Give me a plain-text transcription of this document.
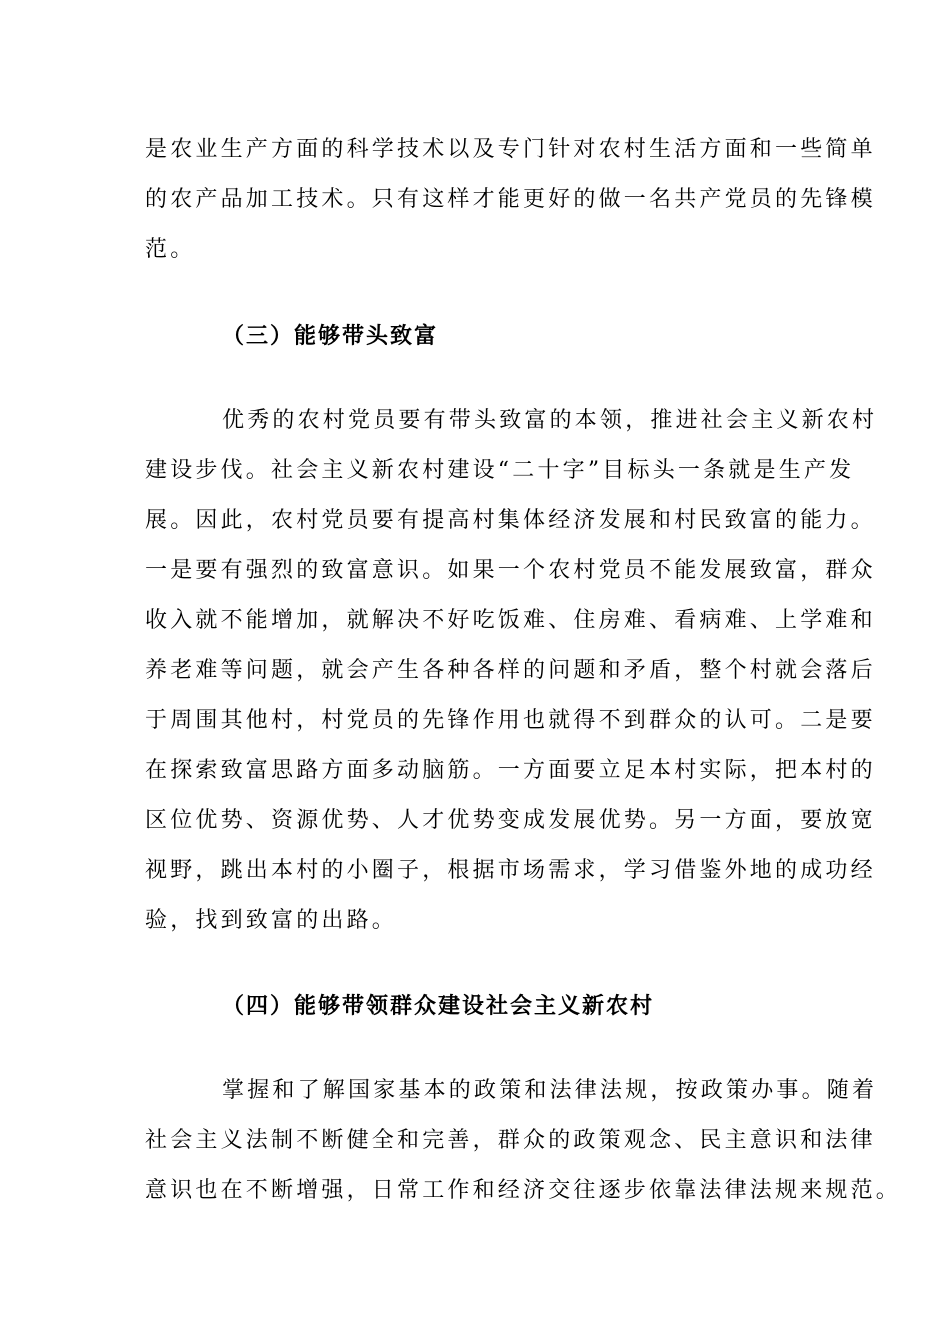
是农业生产方面的科学技术以及专门针对农村生活方面和一些简单
的农产品加工技术。只有这样才能更好的做一名共产党员的先锋模
范。
（三）能够带头致富
优秀的农村党员要有带头致富的本领，推进社会主义新农村
建设步伐。社会主义新农村建设“二十字”目标头一条就是生产发
展。因此，农村党员要有提高村集体经济发展和村民致富的能力。
一是要有强烈的致富意识。如果一个农村党员不能发展致富，群众
收入就不能增加，就解决不好吃饭难、住房难、看病难、上学难和
养老难等问题，就会产生各种各样的问题和矛盾，整个村就会落后
于周围其他村，村党员的先锋作用也就得不到群众的认可。二是要
在探索致富思路方面多动脑筋。一方面要立足本村实际，把本村的
区位优势、资源优势、人才优势变成发展优势。另一方面，要放宽
视野，跳出本村的小圈子，根据市场需求，学习借鉴外地的成功经
验，找到致富的出路。
（四）能够带领群众建设社会主义新农村
掌握和了解国家基本的政策和法律法规，按政策办事。随着
社会主义法制不断健全和完善，群众的政策观念、民主意识和法律
意识也在不断增强，日常工作和经济交往逐步依靠法律法规来规范。
